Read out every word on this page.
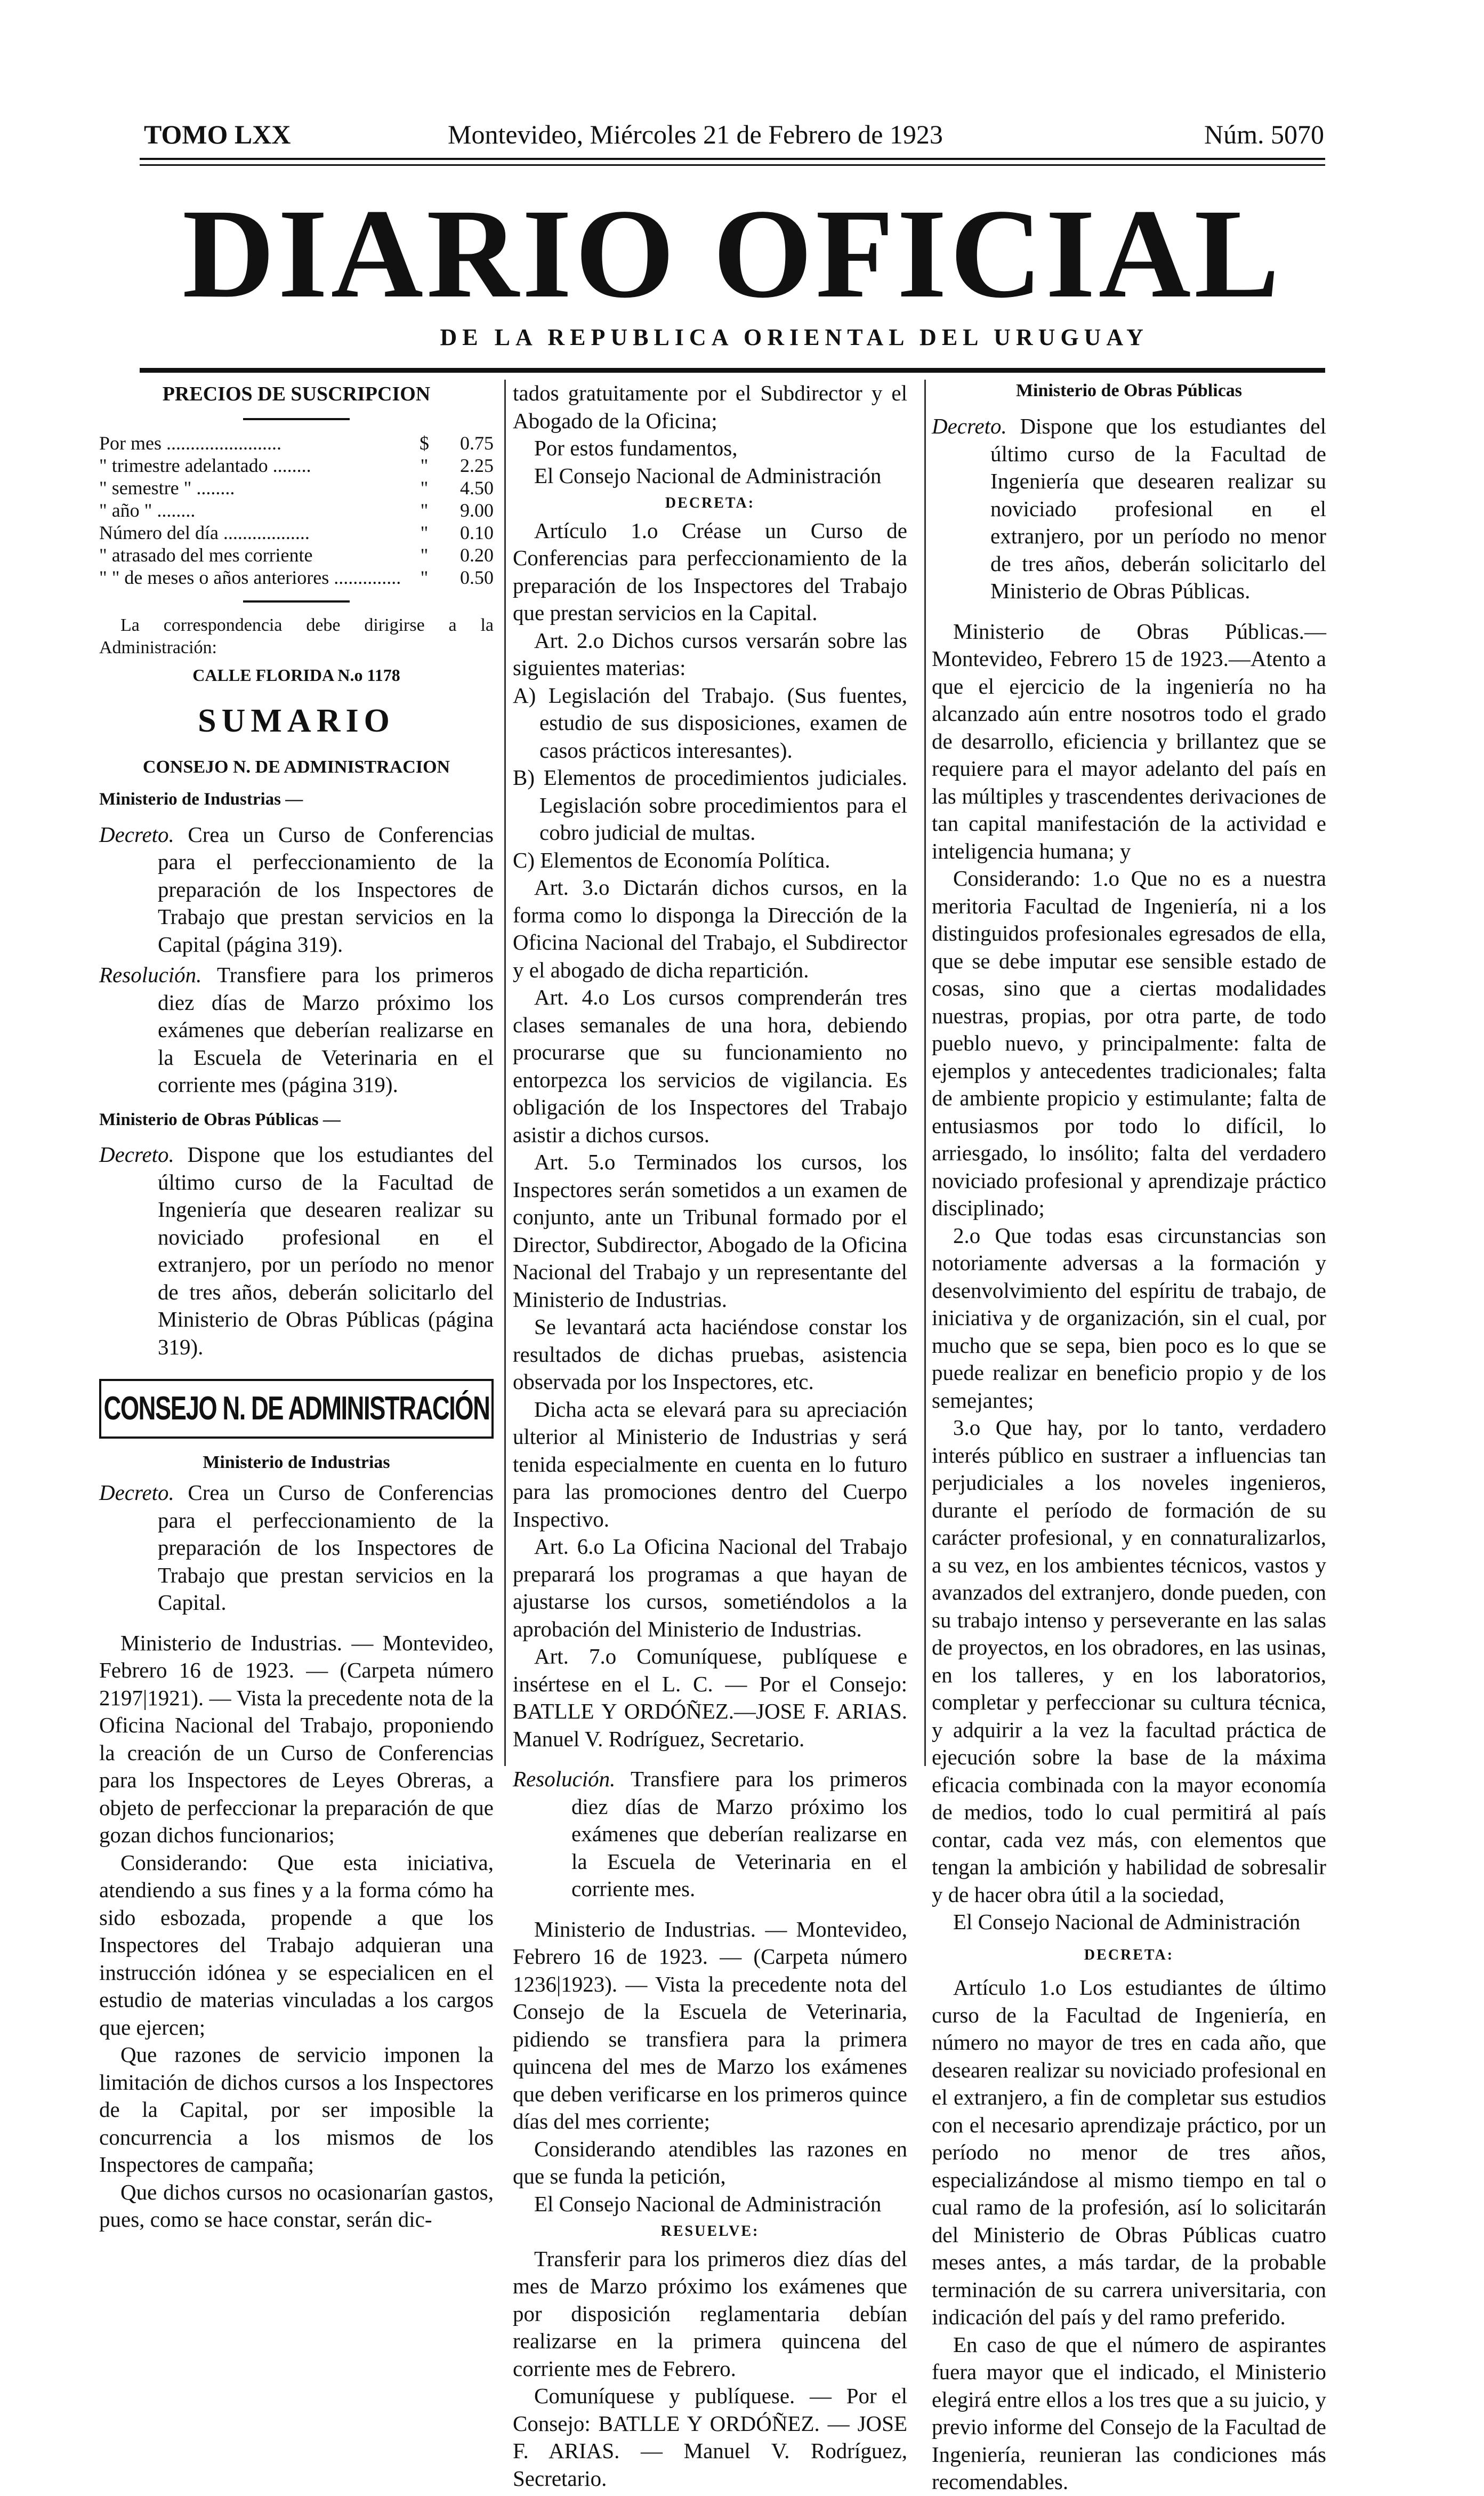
TOMO LXX	Montevideo, Miércoles 21 de Febrero de 1923	Núm. 5070
DIARIO OFICIAL
DE LA REPUBLICA ORIENTAL DEL URUGUAY
PRECIOS DE SUSCRIPCION
Por mes ........................	$	0.75
" trimestre adelantado ........	"	2.25
" semestre " ........	"	4.50
" año " ........	"	9.00
Número del día ..................	"	0.10
" atrasado del mes corriente	"	0.20
" " de meses o años anteriores ..............	"	0.50

La correspondencia debe dirigirse a la Administración:

CALLE FLORIDA N.o 1178
SUMARIO
CONSEJO N. DE ADMINISTRACION
Ministerio de Industrias —
Decreto. Crea un Curso de Conferencias para el perfeccionamiento de la preparación de los Inspectores de Trabajo que prestan servicios en la Capital (página 319).
Resolución. Transfiere para los primeros diez días de Marzo próximo los exámenes que deberían realizarse en la Escuela de Veterinaria en el corriente mes (página 319).
Ministerio de Obras Públicas —
Decreto. Dispone que los estudiantes del último curso de la Facultad de Ingeniería que desearen realizar su noviciado profesional en el extranjero, por un período no menor de tres años, deberán solicitarlo del Ministerio de Obras Públicas (página 319).
CONSEJO N. DE ADMINISTRACIÓN
Ministerio de Industrias
Decreto. Crea un Curso de Conferencias para el perfeccionamiento de la preparación de los Inspectores de Trabajo que prestan servicios en la Capital.

Ministerio de Industrias. — Montevideo, Febrero 16 de 1923. — (Carpeta número 2197|1921). — Vista la precedente nota de la Oficina Nacional del Trabajo, proponiendo la creación de un Curso de Conferencias para los Inspectores de Leyes Obreras, a objeto de perfeccionar la preparación de que gozan dichos funcionarios;

Considerando: Que esta iniciativa, atendiendo a sus fines y a la forma cómo ha sido esbozada, propende a que los Inspectores del Trabajo adquieran una instrucción idónea y se especialicen en el estudio de materias vinculadas a los cargos que ejercen;

Que razones de servicio imponen la limitación de dichos cursos a los Inspectores de la Capital, por ser imposible la concurrencia a los mismos de los Inspectores de campaña;

Que dichos cursos no ocasionarían gastos, pues, como se hace constar, serán dic-

tados gratuitamente por el Subdirector y el Abogado de la Oficina;

Por estos fundamentos,

El Consejo Nacional de Administración

DECRETA:

Artículo 1.o Créase un Curso de Conferencias para perfeccionamiento de la preparación de los Inspectores del Trabajo que prestan servicios en la Capital.

Art. 2.o Dichos cursos versarán sobre las siguientes materias:

A) Legislación del Trabajo. (Sus fuentes, estudio de sus disposiciones, examen de casos prácticos interesantes).
B) Elementos de procedimientos judiciales. Legislación sobre procedimientos para el cobro judicial de multas.
C) Elementos de Economía Política.

Art. 3.o Dictarán dichos cursos, en la forma como lo disponga la Dirección de la Oficina Nacional del Trabajo, el Subdirector y el abogado de dicha repartición.

Art. 4.o Los cursos comprenderán tres clases semanales de una hora, debiendo procurarse que su funcionamiento no entorpezca los servicios de vigilancia. Es obligación de los Inspectores del Trabajo asistir a dichos cursos.

Art. 5.o Terminados los cursos, los Inspectores serán sometidos a un examen de conjunto, ante un Tribunal formado por el Director, Subdirector, Abogado de la Oficina Nacional del Trabajo y un representante del Ministerio de Industrias.

Se levantará acta haciéndose constar los resultados de dichas pruebas, asistencia observada por los Inspectores, etc.

Dicha acta se elevará para su apreciación ulterior al Ministerio de Industrias y será tenida especialmente en cuenta en lo futuro para las promociones dentro del Cuerpo Inspectivo.

Art. 6.o La Oficina Nacional del Trabajo preparará los programas a que hayan de ajustarse los cursos, sometiéndolos a la aprobación del Ministerio de Industrias.

Art. 7.o Comuníquese, publíquese e insértese en el L. C. — Por el Consejo: BATLLE Y ORDÓÑEZ.—JOSE F. ARIAS. Manuel V. Rodríguez, Secretario.

Resolución. Transfiere para los primeros diez días de Marzo próximo los exámenes que deberían realizarse en la Escuela de Veterinaria en el corriente mes.

Ministerio de Industrias. — Montevideo, Febrero 16 de 1923. — (Carpeta número 1236|1923). — Vista la precedente nota del Consejo de la Escuela de Veterinaria, pidiendo se transfiera para la primera quincena del mes de Marzo los exámenes que deben verificarse en los primeros quince días del mes corriente;

Considerando atendibles las razones en que se funda la petición,

El Consejo Nacional de Administración

RESUELVE:

Transferir para los primeros diez días del mes de Marzo próximo los exámenes que por disposición reglamentaria debían realizarse en la primera quincena del corriente mes de Febrero.

Comuníquese y publíquese. — Por el Consejo: BATLLE Y ORDÓÑEZ. — JOSE F. ARIAS. — Manuel V. Rodríguez, Secretario.

Ministerio de Obras Públicas
Decreto. Dispone que los estudiantes del último curso de la Facultad de Ingeniería que desearen realizar su noviciado profesional en el extranjero, por un período no menor de tres años, deberán solicitarlo del Ministerio de Obras Públicas.

Ministerio de Obras Públicas.—Montevideo, Febrero 15 de 1923.—Atento a que el ejercicio de la ingeniería no ha alcanzado aún entre nosotros todo el grado de desarrollo, eficiencia y brillantez que se requiere para el mayor adelanto del país en las múltiples y trascendentes derivaciones de tan capital manifestación de la actividad e inteligencia humana; y

Considerando: 1.o Que no es a nuestra meritoria Facultad de Ingeniería, ni a los distinguidos profesionales egresados de ella, que se debe imputar ese sensible estado de cosas, sino que a ciertas modalidades nuestras, propias, por otra parte, de todo pueblo nuevo, y principalmente: falta de ejemplos y antecedentes tradicionales; falta de ambiente propicio y estimulante; falta de entusiasmos por todo lo difícil, lo arriesgado, lo insólito; falta del verdadero noviciado profesional y aprendizaje práctico disciplinado;

2.o Que todas esas circunstancias son notoriamente adversas a la formación y desenvolvimiento del espíritu de trabajo, de iniciativa y de organización, sin el cual, por mucho que se sepa, bien poco es lo que se puede realizar en beneficio propio y de los semejantes;

3.o Que hay, por lo tanto, verdadero interés público en sustraer a influencias tan perjudiciales a los noveles ingenieros, durante el período de formación de su carácter profesional, y en connaturalizarlos, a su vez, en los ambientes técnicos, vastos y avanzados del extranjero, donde pueden, con su trabajo intenso y perseverante en las salas de proyectos, en los obradores, en las usinas, en los talleres, y en los laboratorios, completar y perfeccionar su cultura técnica, y adquirir a la vez la facultad práctica de ejecución sobre la base de la máxima eficacia combinada con la mayor economía de medios, todo lo cual permitirá al país contar, cada vez más, con elementos que tengan la ambición y habilidad de sobresalir y de hacer obra útil a la sociedad,

El Consejo Nacional de Administración

DECRETA:

Artículo 1.o Los estudiantes de último curso de la Facultad de Ingeniería, en número no mayor de tres en cada año, que desearen realizar su noviciado profesional en el extranjero, a fin de completar sus estudios con el necesario aprendizaje práctico, por un período no menor de tres años, especializándose al mismo tiempo en tal o cual ramo de la profesión, así lo solicitarán del Ministerio de Obras Públicas cuatro meses antes, a más tardar, de la probable terminación de su carrera universitaria, con indicación del país y del ramo preferido.

En caso de que el número de aspirantes fuera mayor que el indicado, el Ministerio elegirá entre ellos a los tres que a su juicio, y previo informe del Consejo de la Facultad de Ingeniería, reunieran las condiciones más recomendables.
